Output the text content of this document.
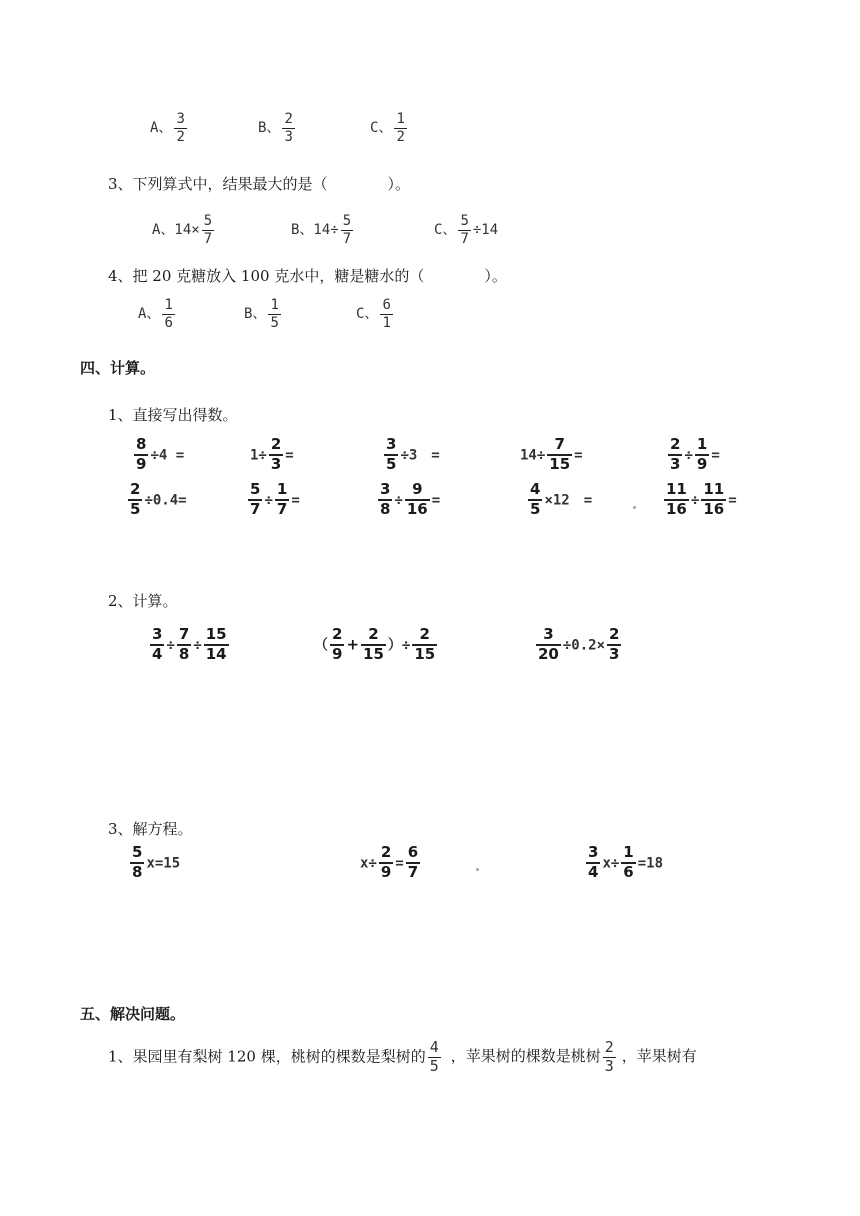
A、 $\frac{3}{2}$	B、 $\frac{2}{3}$	C、 $\frac{1}{2}$
3、下列算式中，结果最大的是（　　　　）。
A、$14\times \frac{5}{7}$	B、$14\div \frac{5}{7}$	C、 $\frac{5}{7} \div 14$
4、把 20 克糖放入 100 克水中，糖是糖水的（　　　　）。
A、 $\frac{1}{6}$	B、 $\frac{1}{5}$	C、 $\frac{6}{1}$
四、计算。
1、直接写出得数。
$\frac{8}{9} \div 4$ =	$1\div \frac{2}{3}$ =	$\frac{3}{5} \div 3$　=	$14\div \frac{7}{15}$ =	$\frac{2}{3} \div \frac{1}{9}$ =
$\frac{2}{5} \div 0.4=$	$\frac{5}{7} \div \frac{1}{7}$ =	$\frac{3}{8} \div \frac{9}{16}$ =	$\frac{4}{5} \times 12$　=	$\frac{11}{16} \div \frac{11}{16}$ =
2、计算。
$\frac{3}{4} \div \frac{7}{8} \div \frac{15}{14}$	（ $\frac{2}{9} + \frac{2}{15}$ ）÷ $\frac{2}{15}$	$\frac{3}{20} \div 0.2\times \frac{2}{3}$
3、解方程。
$\frac{5}{8} x=15$	$x\div \frac{2}{9} = \frac{6}{7}$	$\frac{3}{4} x\div \frac{1}{6} =18$
五、解决问题。
1、果园里有梨树 120 棵，桃树的棵数是梨树的 $\frac{4}{5}$ ，苹果树的棵数是桃树 $\frac{2}{3}$ ，苹果树有
